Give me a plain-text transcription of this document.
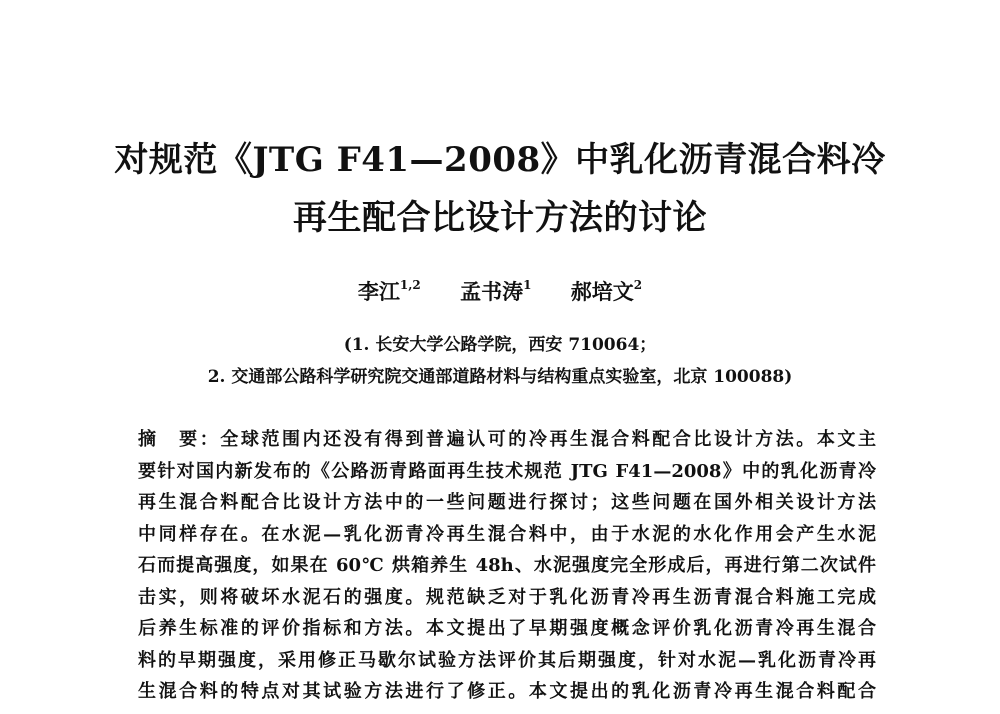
对规范《JTG F41—2008》中乳化沥青混合料冷
再生配合比设计方法的讨论
李江$^{1,2}$ 孟书涛$^1$ 郝培文$^2$
(1. 长安大学公路学院，西安 710064；
2. 交通部公路科学研究院交通部道路材料与结构重点实验室，北京 100088)
摘　要：全球范围内还没有得到普遍认可的冷再生混合料配合比设计方法。本文主
要针对国内新发布的《公路沥青路面再生技术规范 JTG F41—2008》中的乳化沥青冷
再生混合料配合比设计方法中的一些问题进行探讨；这些问题在国外相关设计方法
中同样存在。在水泥—乳化沥青冷再生混合料中，由于水泥的水化作用会产生水泥
石而提高强度，如果在 60℃ 烘箱养生 48h、水泥强度完全形成后，再进行第二次试件
击实，则将破坏水泥石的强度。规范缺乏对于乳化沥青冷再生沥青混合料施工完成
后养生标准的评价指标和方法。本文提出了早期强度概念评价乳化沥青冷再生混合
料的早期强度，采用修正马歇尔试验方法评价其后期强度，针对水泥—乳化沥青冷再
生混合料的特点对其试验方法进行了修正。本文提出的乳化沥青冷再生混合料配合
